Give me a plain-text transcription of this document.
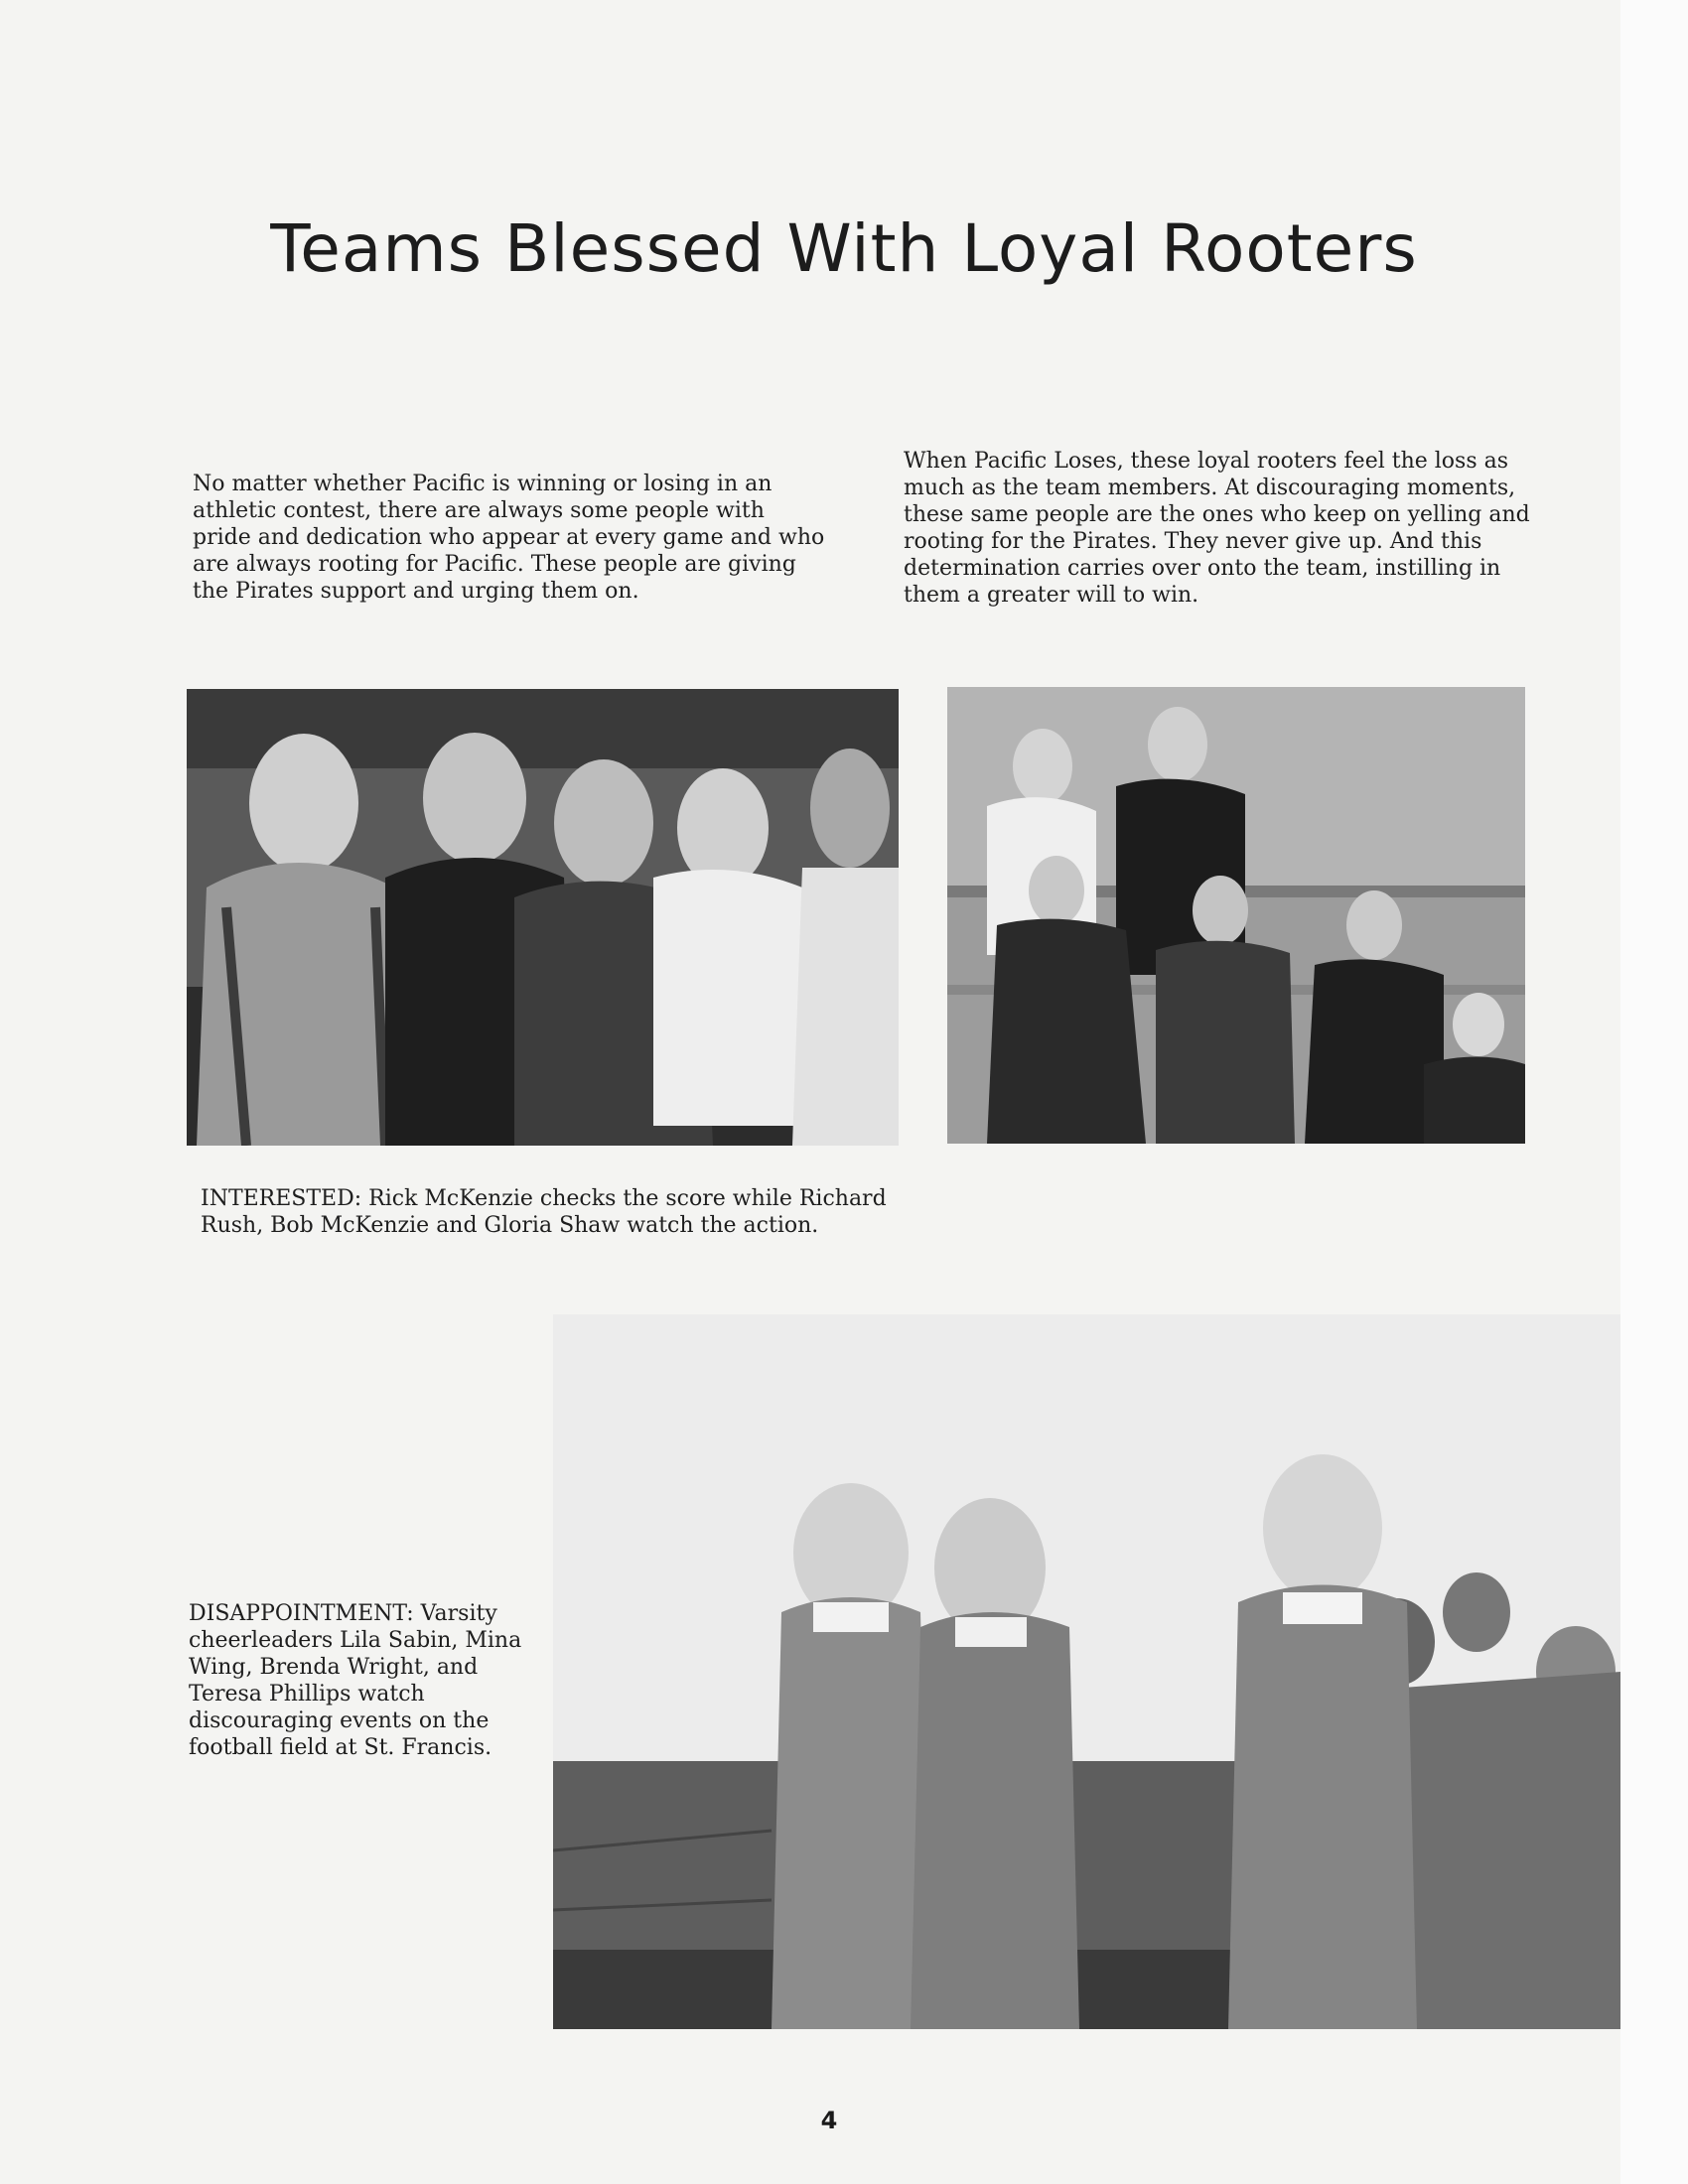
Teams Blessed With Loyal Rooters

No matter whether Pacific is winning or losing in an athletic contest, there are always some people with pride and dedication who appear at every game and who are always rooting for Pacific. These people are giving the Pirates support and urging them on.

When Pacific Loses, these loyal rooters feel the loss as much as the team members. At discouraging moments, these same people are the ones who keep on yelling and rooting for the Pirates. They never give up. And this determination carries over onto the team, instilling in them a greater will to win.

INTERESTED: Rick McKenzie checks the score while Richard Rush, Bob McKenzie and Gloria Shaw watch the action.

DISAPPOINTMENT: Varsity cheerleaders Lila Sabin, Mina Wing, Brenda Wright, and Teresa Phillips watch discouraging events on the football field at St. Francis.

4
